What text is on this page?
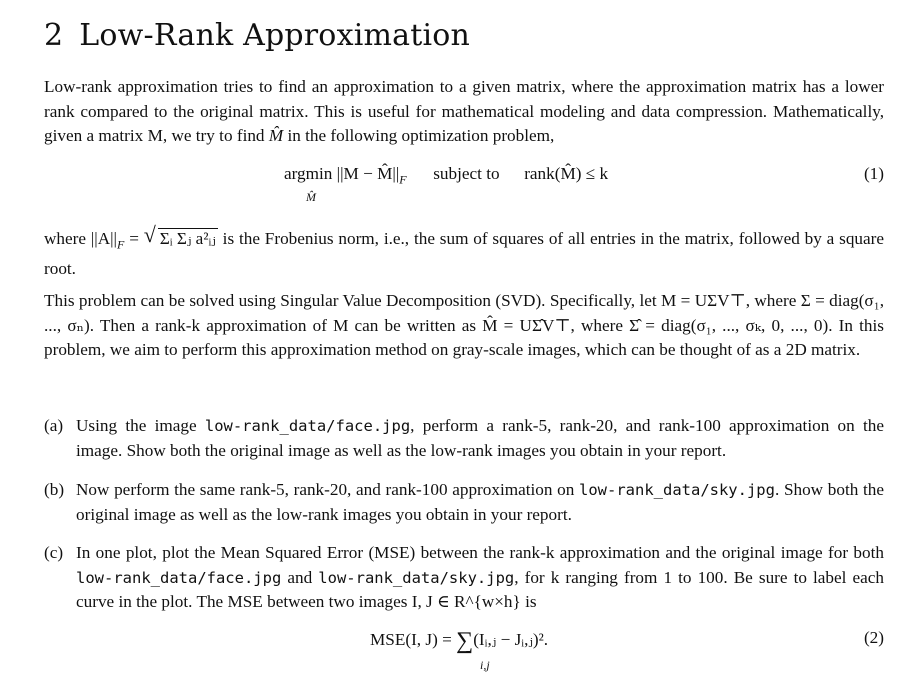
2 Low-Rank Approximation

Low-rank approximation tries to find an approximation to a given matrix, where the approximation matrix has a lower rank compared to the original matrix. This is useful for mathematical modeling and data compression. Mathematically, given a matrix M, we try to find M̂ in the following optimization problem,

argmin $||M - M̂||_F$ subject to rank(M̂) ≤ k
M̂
(1)

where $||A||_F$ = √ Σᵢ Σⱼ a²ᵢⱼ is the Frobenius norm, i.e., the sum of squares of all entries in the matrix, followed by a square root.

This problem can be solved using Singular Value Decomposition (SVD). Specifically, let M = UΣV⊤, where Σ = diag(σ₁, ..., σₙ). Then a rank-k approximation of M can be written as M̂ = UΣ̂V⊤, where Σ̂ = diag(σ₁, ..., σₖ, 0, ..., 0). In this problem, we aim to perform this approximation method on gray-scale images, which can be thought of as a 2D matrix.

(a) Using the image low-rank_data/face.jpg, perform a rank-5, rank-20, and rank-100 approximation on the image. Show both the original image as well as the low-rank images you obtain in your report.
(b) Now perform the same rank-5, rank-20, and rank-100 approximation on low-rank_data/sky.jpg. Show both the original image as well as the low-rank images you obtain in your report.
(c) In one plot, plot the Mean Squared Error (MSE) between the rank-k approximation and the original image for both low-rank_data/face.jpg and low-rank_data/sky.jpg, for k ranging from 1 to 100. Be sure to label each curve in the plot. The MSE between two images I, J ∈ R^{w×h} is
MSE(I, J) = ∑(Iᵢ,ⱼ − Jᵢ,ⱼ)².
i,j
(2)
